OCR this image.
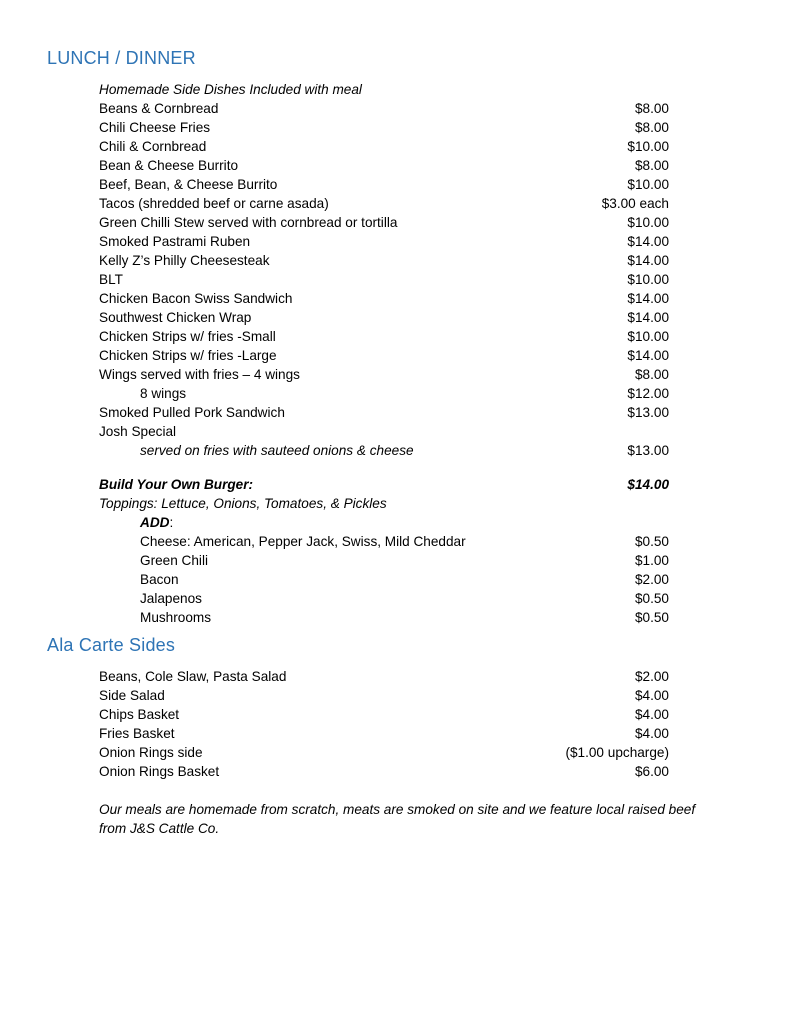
LUNCH / DINNER
Homemade Side Dishes Included with meal
Beans & Cornbread	$8.00
Chili Cheese Fries	$8.00
Chili & Cornbread	$10.00
Bean & Cheese Burrito	$8.00
Beef, Bean, & Cheese Burrito	$10.00
Tacos (shredded beef or carne asada)	$3.00 each
Green Chilli Stew served with cornbread or tortilla	$10.00
Smoked Pastrami Ruben	$14.00
Kelly Z’s Philly Cheesesteak	$14.00
BLT	$10.00
Chicken Bacon Swiss Sandwich	$14.00
Southwest Chicken Wrap	$14.00
Chicken Strips w/ fries -Small	$10.00
Chicken Strips w/ fries -Large	$14.00
Wings served with fries – 4 wings	$8.00
8 wings	$12.00
Smoked Pulled Pork Sandwich	$13.00
Josh Special
served on fries with sauteed onions & cheese	$13.00
Build Your Own Burger:	$14.00
Toppings: Lettuce, Onions, Tomatoes, & Pickles
ADD:
Cheese: American, Pepper Jack, Swiss, Mild Cheddar	$0.50
Green Chili	$1.00
Bacon	$2.00
Jalapenos	$0.50
Mushrooms	$0.50
Ala Carte Sides
Beans, Cole Slaw, Pasta Salad	$2.00
Side Salad	$4.00
Chips Basket	$4.00
Fries Basket	$4.00
Onion Rings side	($1.00 upcharge)
Onion Rings Basket	$6.00
Our meals are homemade from scratch, meats are smoked on site and we feature local raised beef
from J&S Cattle Co.
